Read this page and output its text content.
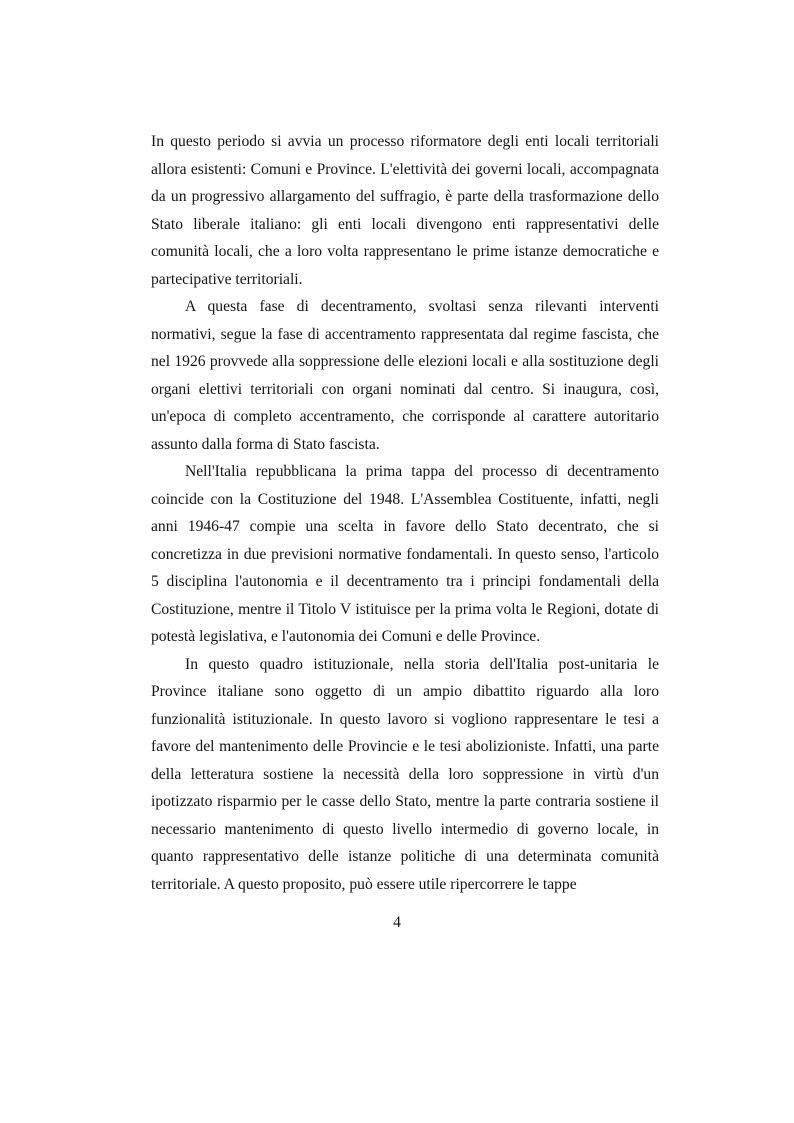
In questo periodo si avvia un processo riformatore degli enti locali territoriali allora esistenti: Comuni e Province. L'elettività dei governi locali, accompagnata da un progressivo allargamento del suffragio, è parte della trasformazione dello Stato liberale italiano: gli enti locali divengono enti rappresentativi delle comunità locali, che a loro volta rappresentano le prime istanze democratiche e partecipative territoriali.

A questa fase di decentramento, svoltasi senza rilevanti interventi normativi, segue la fase di accentramento rappresentata dal regime fascista, che nel 1926 provvede alla soppressione delle elezioni locali e alla sostituzione degli organi elettivi territoriali con organi nominati dal centro. Si inaugura, così, un'epoca di completo accentramento, che corrisponde al carattere autoritario assunto dalla forma di Stato fascista.

Nell'Italia repubblicana la prima tappa del processo di decentramento coincide con la Costituzione del 1948. L'Assemblea Costituente, infatti, negli anni 1946-47 compie una scelta in favore dello Stato decentrato, che si concretizza in due previsioni normative fondamentali. In questo senso, l'articolo 5 disciplina l'autonomia e il decentramento tra i principi fondamentali della Costituzione, mentre il Titolo V istituisce per la prima volta le Regioni, dotate di potestà legislativa, e l'autonomia dei Comuni e delle Province.

In questo quadro istituzionale, nella storia dell'Italia post-unitaria le Province italiane sono oggetto di un ampio dibattito riguardo alla loro funzionalità istituzionale. In questo lavoro si vogliono rappresentare le tesi a favore del mantenimento delle Provincie e le tesi abolizioniste. Infatti, una parte della letteratura sostiene la necessità della loro soppressione in virtù d'un ipotizzato risparmio per le casse dello Stato, mentre la parte contraria sostiene il necessario mantenimento di questo livello intermedio di governo locale, in quanto rappresentativo delle istanze politiche di una determinata comunità territoriale. A questo proposito, può essere utile ripercorrere le tappe

4
